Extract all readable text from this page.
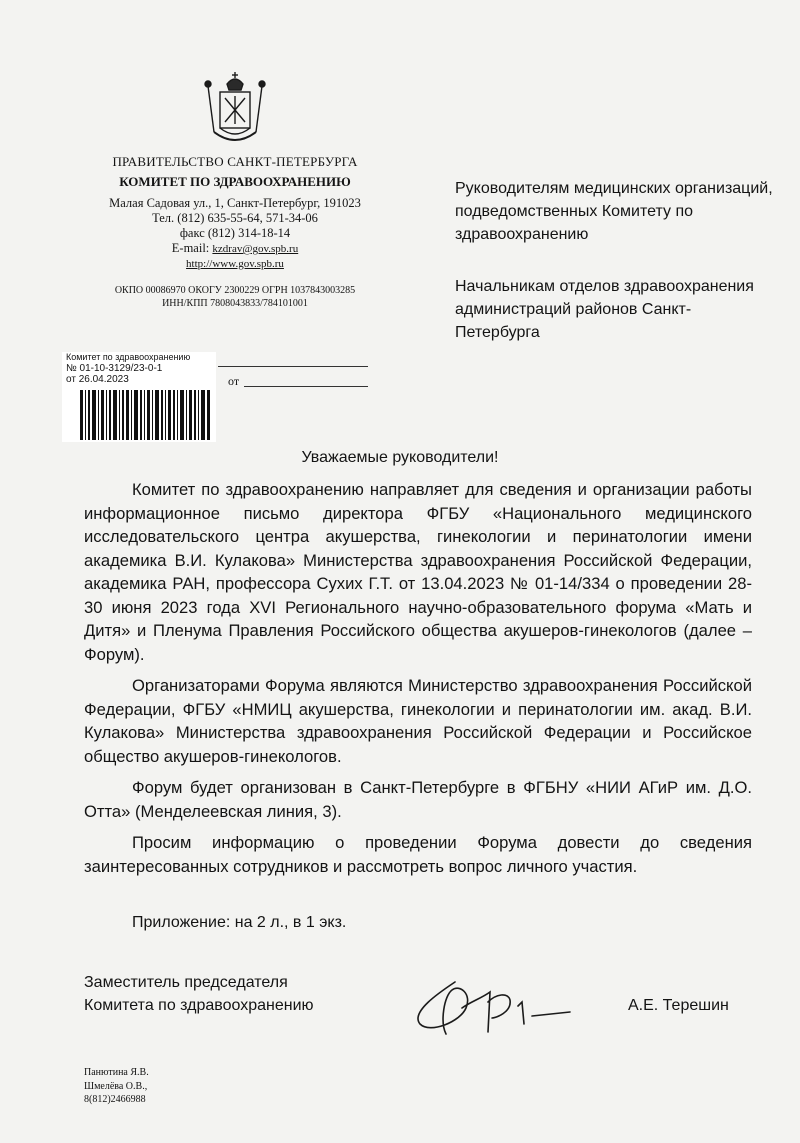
ПРАВИТЕЛЬСТВО САНКТ-ПЕТЕРБУРГА
КОМИТЕТ ПО ЗДРАВООХРАНЕНИЮ
Малая Садовая ул., 1, Санкт-Петербург, 191023
Тел. (812) 635-55-64, 571-34-06
факс (812) 314-18-14
E-mail: kzdrav@gov.spb.ru
http://www.gov.spb.ru
ОКПО 00086970 ОКОГУ 2300229 ОГРН 1037843003285
ИНН/КПП 7808043833/784101001
Руководителям медицинских организаций, подведомственных Комитету по здравоохранению
Начальникам отделов здравоохранения администраций районов Санкт-Петербурга
Комитет по здравоохранению
№ 01-10-3129/23-0-1
от 26.04.2023	от
Уважаемые руководители!

Комитет по здравоохранению направляет для сведения и организации работы информационное письмо директора ФГБУ «Национального медицинского исследовательского центра акушерства, гинекологии и перинатологии имени академика В.И. Кулакова» Министерства здравоохранения Российской Федерации, академика РАН, профессора Сухих Г.Т. от 13.04.2023 № 01-14/334 о проведении 28-30 июня 2023 года XVI Регионального научно-образовательного форума «Мать и Дитя» и Пленума Правления Российского общества акушеров-гинекологов (далее – Форум).

Организаторами Форума являются Министерство здравоохранения Российской Федерации, ФГБУ «НМИЦ акушерства, гинекологии и перинатологии им. акад. В.И. Кулакова» Министерства здравоохранения Российской Федерации и Российское общество акушеров-гинекологов.

Форум будет организован в Санкт-Петербурге в ФГБНУ «НИИ АГиР им. Д.О. Отта» (Менделеевская линия, 3).

Просим информацию о проведении Форума довести до сведения заинтересованных сотрудников и рассмотреть вопрос личного участия.

Приложение: на 2 л., в 1 экз.
Заместитель председателя
Комитета по здравоохранению	А.Е. Терешин
Панютина Я.В.
Шмелёва О.В.,
8(812)2466988
